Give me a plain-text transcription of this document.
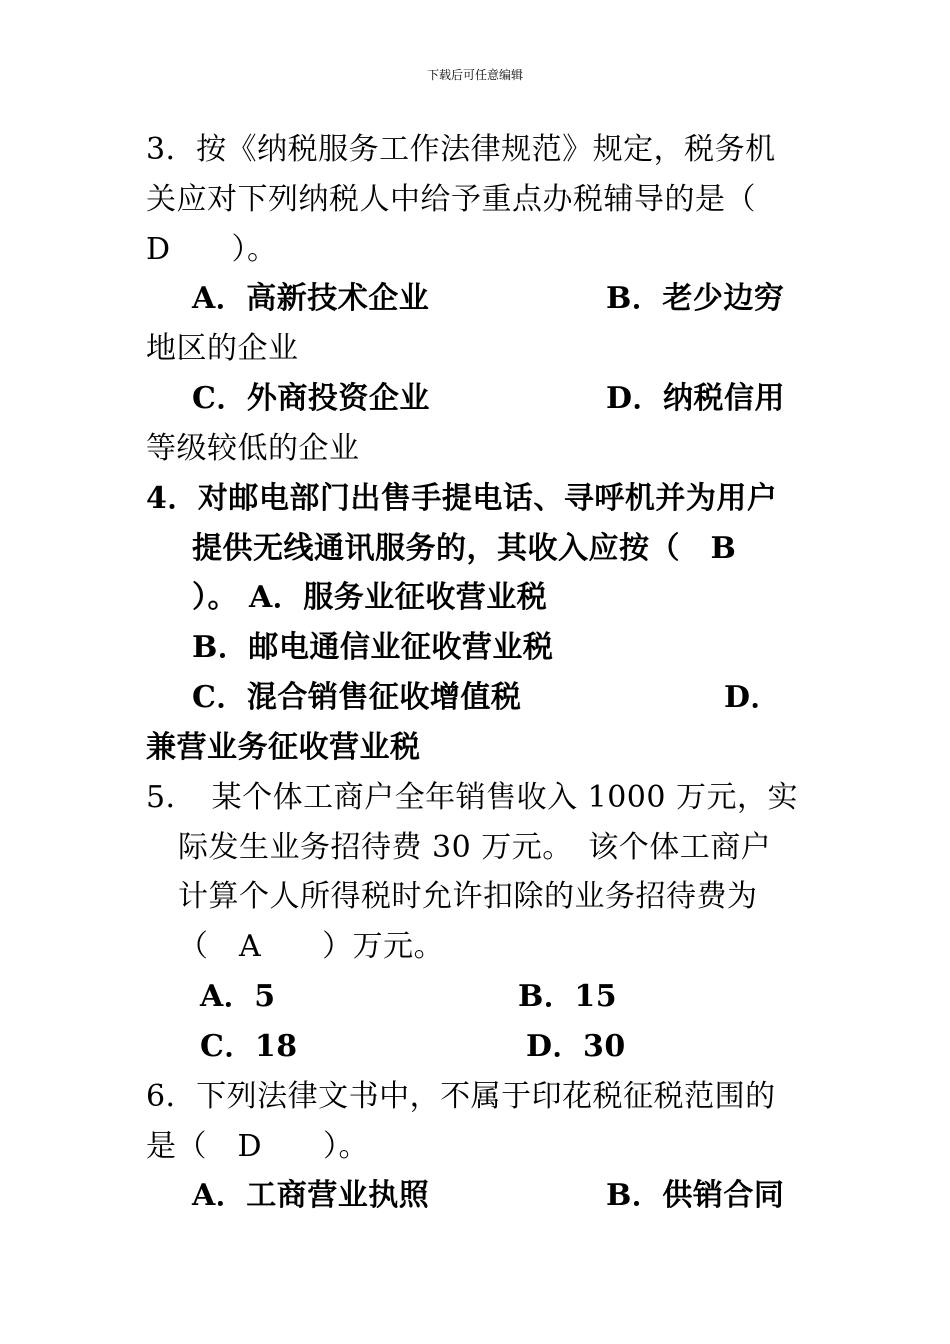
下载后可任意编辑
3．按《纳税服务工作法律规范》规定，税务机
关应对下列纳税人中给予重点办税辅导的是（
D　　）。
A．高新技术企业	B．老少边穷
地区的企业
C．外商投资企业	D．纳税信用
等级较低的企业
4．对邮电部门出售手提电话、寻呼机并为用户
提供无线通讯服务的，其收入应按（　B
）。 A．服务业征收营业税
B．邮电通信业征收营业税
C．混合销售征收增值税	D．
兼营业务征收营业税
5．　某个体工商户全年销售收入 1000 万元，实
际发生业务招待费 30 万元。　该个体工商户
计算个人所得税时允许扣除的业务招待费为
（　A　　）万元。
A．5	B．15
C．18	D．30
6．下列法律文书中，不属于印花税征税范围的
是（　D　　）。
A．工商营业执照	B．供销合同
